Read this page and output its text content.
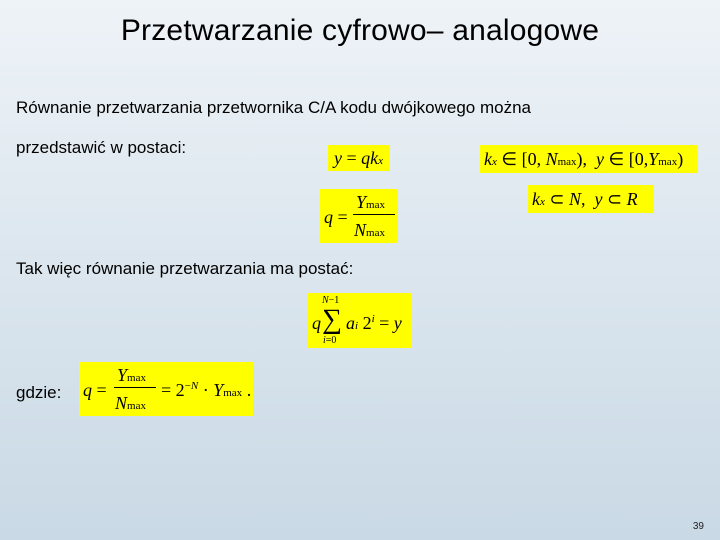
Przetwarzanie cyfrowo– analogowe
Równanie przetwarzania przetwornika C/A kodu dwójkowego można
przedstawić w postaci:
y = qkx	kx ∈ [0, Nmax),  y ∈ [0,Ymax)
kx ⊂ N,  y ⊂ R
q =
Ymax
Nmax
Tak więc równanie przetwarzania ma postać:
N−1
q ∑
i=0
ai $2^i = y$
gdzie: q =
Ymax
Nmax
= $2^{-N} \cdot Ymax$ .
39
